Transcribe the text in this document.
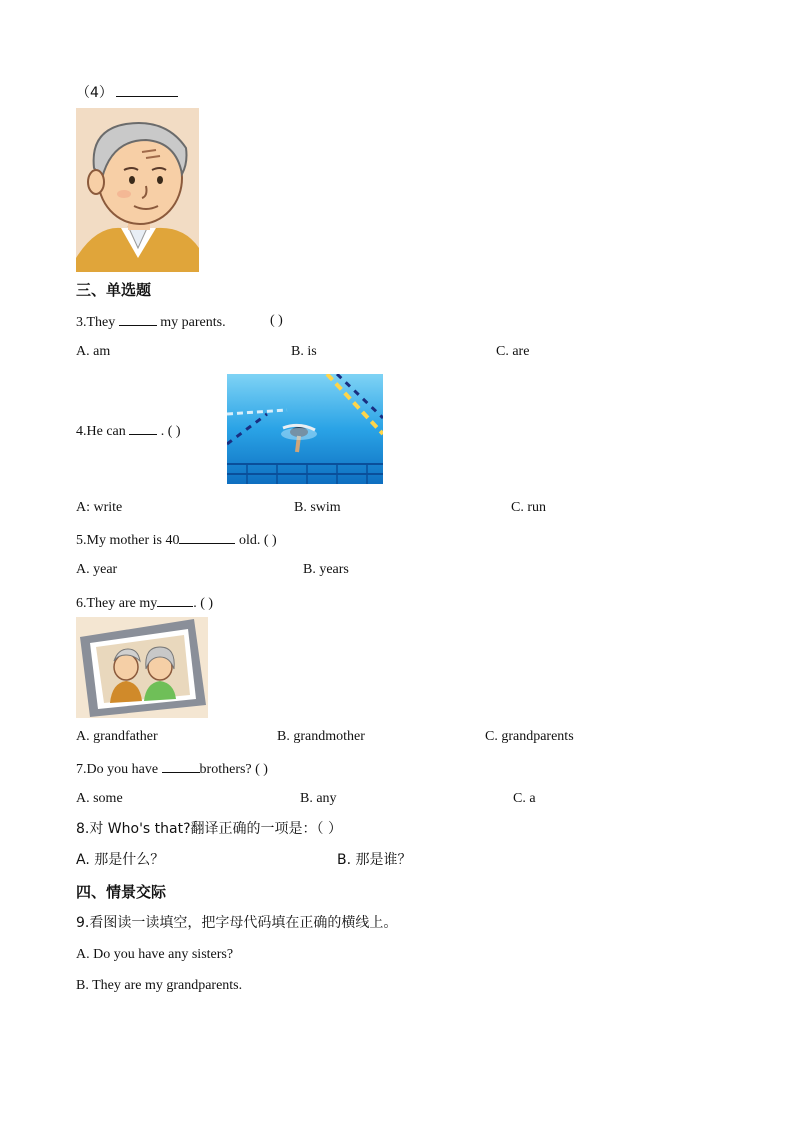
（4）
三、单选题
3.They	my parents.	( )
A. am	B. is	C. are
4.He can  . ( )
A: write	B. swim	C. run
5.My mother is 40	old. ( )
A. year	B. years
6.They are my	. ( )
A. grandfather	B. grandmother	C. grandparents
7.Do you have	brothers? ( )
A. some	B. any	C. a
8.对 Who's that?翻译正确的一项是：（ ）
A. 那是什么？	B. 那是谁？
四、情景交际
9.看图读一读填空，把字母代码填在正确的横线上。
A. Do you have any sisters?
B. They are my grandparents.
